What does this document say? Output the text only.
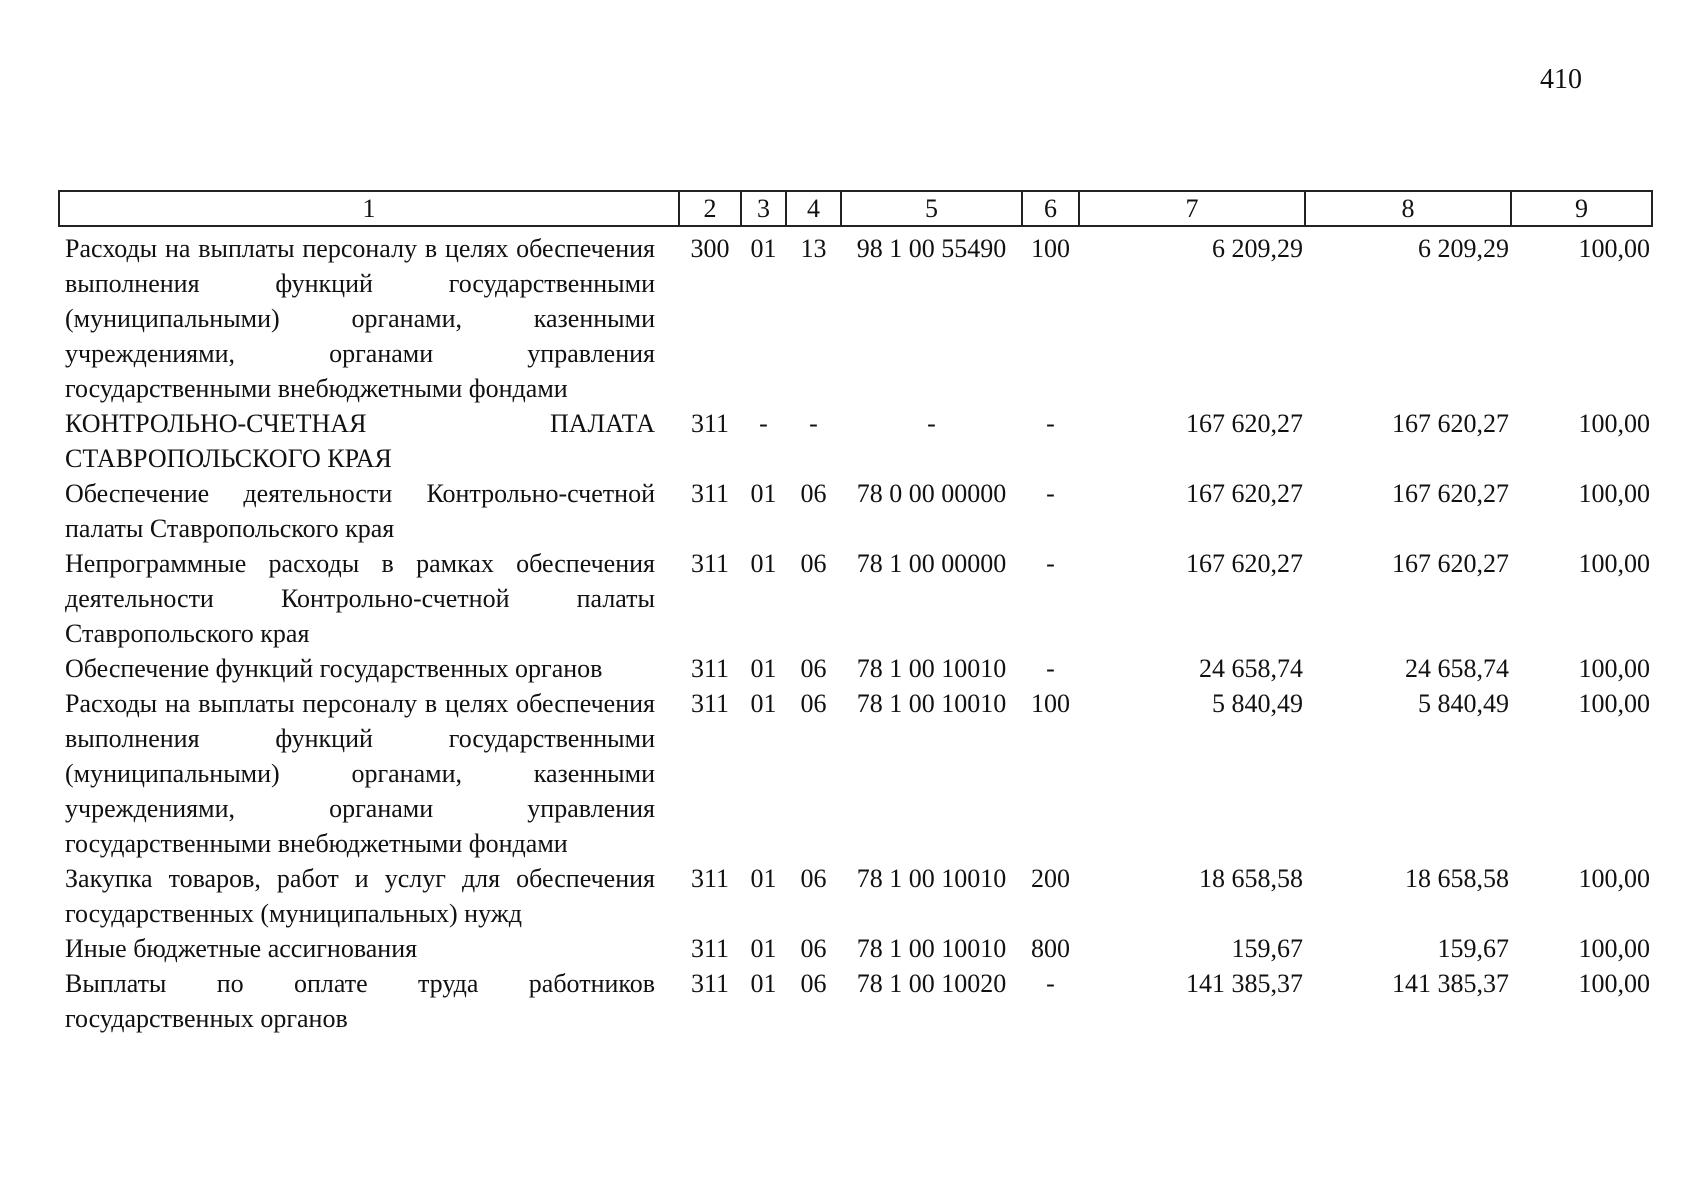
410
1	2	3	4	5	6	7	8	9
Расходы на выплаты персоналу в целях обеспечения выполнения функций государственными (муниципальными) органами, казенными учреждениями, органами управления государственными внебюджетными фондами	300	01	13	98 1 00 55490	100	6 209,29	6 209,29	100,00
КОНТРОЛЬНО-СЧЕТНАЯ ПАЛАТА СТАВРОПОЛЬСКОГО КРАЯ	311	-	-	-	-	167 620,27	167 620,27	100,00
Обеспечение деятельности Контрольно-счетной палаты Ставропольского края	311	01	06	78 0 00 00000	-	167 620,27	167 620,27	100,00
Непрограммные расходы в рамках обеспечения деятельности Контрольно-счетной палаты Ставропольского края	311	01	06	78 1 00 00000	-	167 620,27	167 620,27	100,00
Обеспечение функций государственных органов	311	01	06	78 1 00 10010	-	24 658,74	24 658,74	100,00
Расходы на выплаты персоналу в целях обеспечения выполнения функций государственными (муниципальными) органами, казенными учреждениями, органами управления государственными внебюджетными фондами	311	01	06	78 1 00 10010	100	5 840,49	5 840,49	100,00
Закупка товаров, работ и услуг для обеспечения государственных (муниципальных) нужд	311	01	06	78 1 00 10010	200	18 658,58	18 658,58	100,00
Иные бюджетные ассигнования	311	01	06	78 1 00 10010	800	159,67	159,67	100,00
Выплаты по оплате труда работников государственных органов	311	01	06	78 1 00 10020	-	141 385,37	141 385,37	100,00
